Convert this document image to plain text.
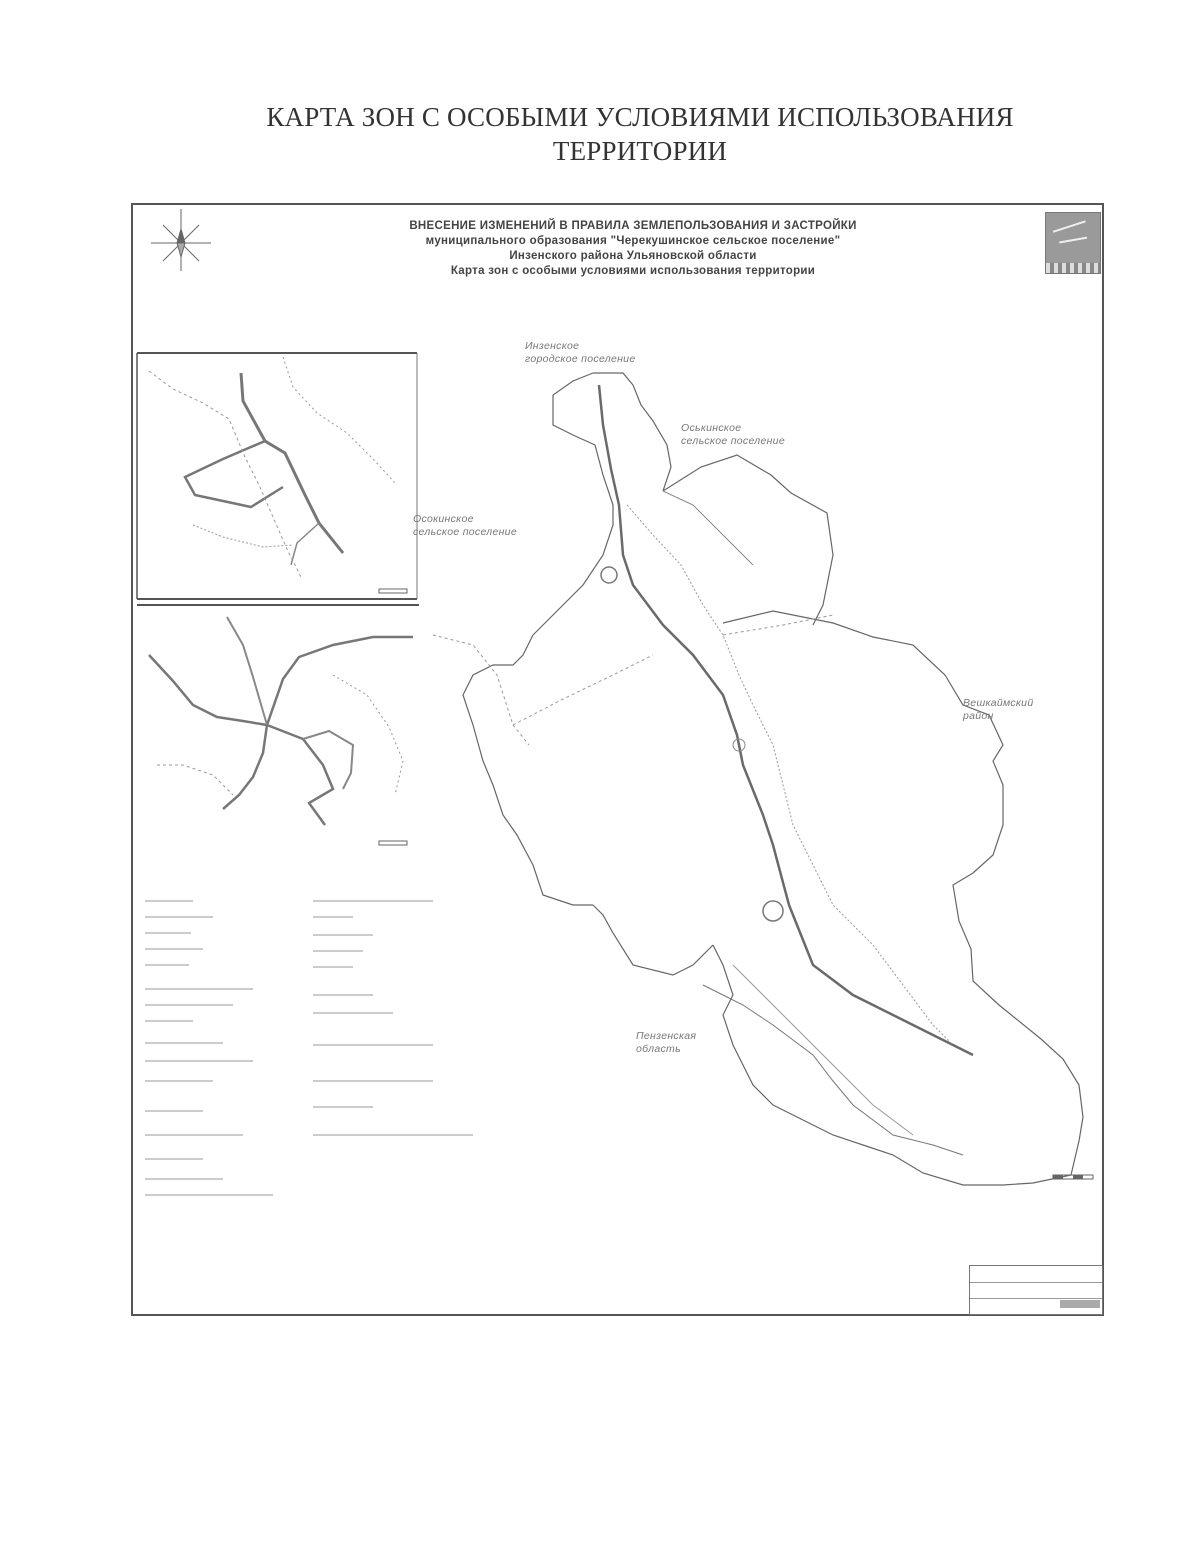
КАРТА ЗОН С ОСОБЫМИ УСЛОВИЯМИ ИСПОЛЬЗОВАНИЯ
ТЕРРИТОРИИ
ВНЕСЕНИЕ ИЗМЕНЕНИЙ В ПРАВИЛА ЗЕМЛЕПОЛЬЗОВАНИЯ И ЗАСТРОЙКИ
муниципального образования "Черекушинское сельское поселение"
Инзенского района Ульяновской области
Карта зон с особыми условиями использования территории
Инзенское
городское поселение
Оськинское
сельское поселение
Осокинское
сельское поселение
Вешкаймский
район
Пензенская
область
